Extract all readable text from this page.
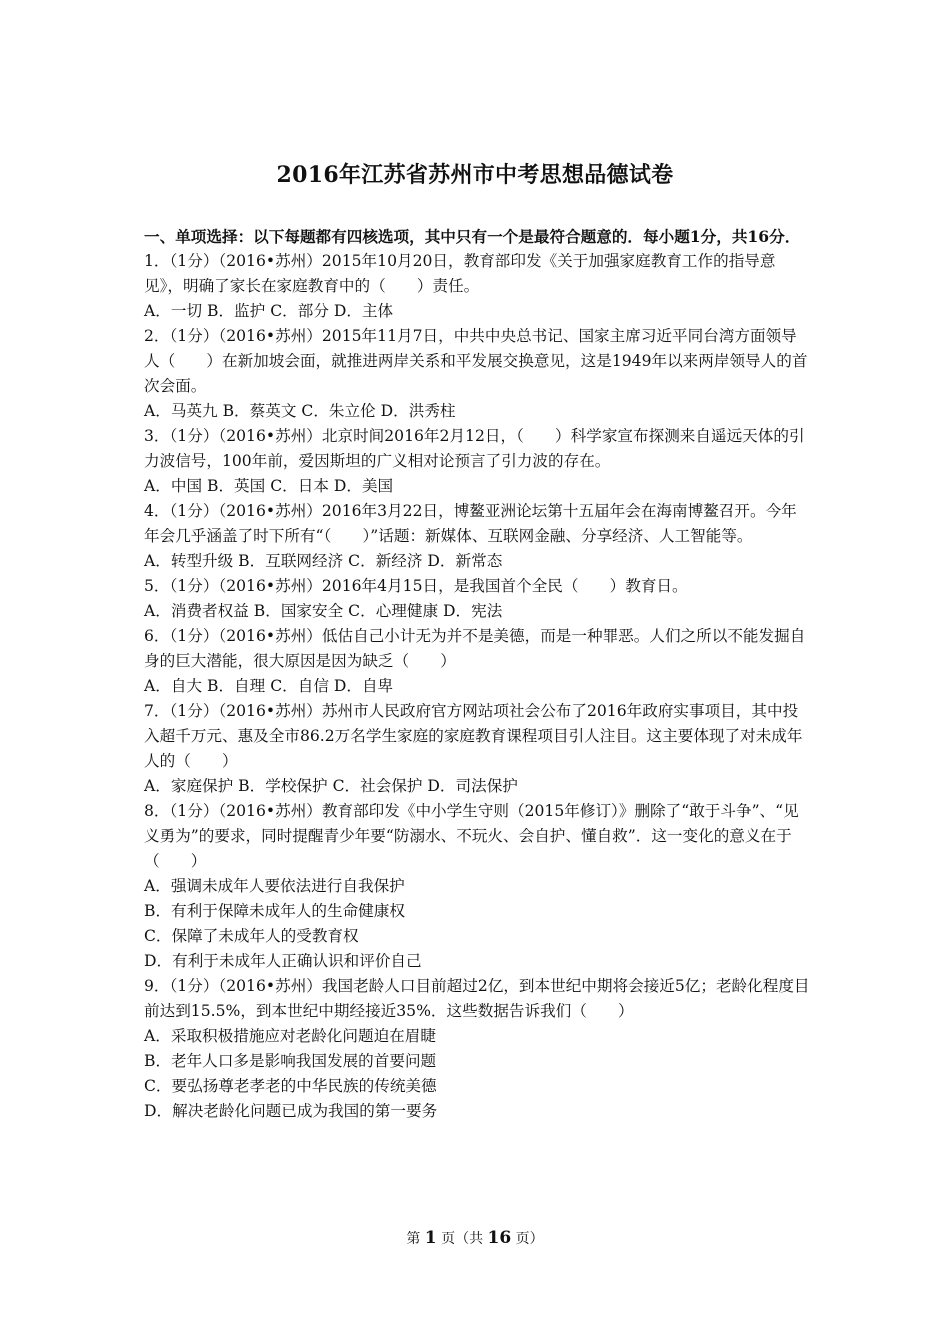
2016年江苏省苏州市中考思想品德试卷
一、单项选择：以下每题都有四核选项，其中只有一个是最符合题意的．每小题1分，共16分．
1．（1分）（2016•苏州）2015年10月20日，教育部印发《关于加强家庭教育工作的指导意见》，明确了家长在家庭教育中的（　　）责任。
A．一切 B．监护 C．部分 D．主体
2．（1分）（2016•苏州）2015年11月7日，中共中央总书记、国家主席习近平同台湾方面领导人（　　）在新加坡会面，就推进两岸关系和平发展交换意见，这是1949年以来两岸领导人的首次会面。
A．马英九 B．蔡英文 C．朱立伦 D．洪秀柱
3．（1分）（2016•苏州）北京时间2016年2月12日，（　　）科学家宣布探测来自遥远天体的引力波信号，100年前，爱因斯坦的广义相对论预言了引力波的存在。
A．中国 B．英国 C．日本 D．美国
4．（1分）（2016•苏州）2016年3月22日，博鳌亚洲论坛第十五届年会在海南博鳌召开。今年年会几乎涵盖了时下所有“（　　）”话题：新媒体、互联网金融、分享经济、人工智能等。
A．转型升级 B．互联网经济 C．新经济 D．新常态
5．（1分）（2016•苏州）2016年4月15日，是我国首个全民（　　）教育日。
A．消费者权益 B．国家安全 C．心理健康 D．宪法
6．（1分）（2016•苏州）低估自己小计无为并不是美德，而是一种罪恶。人们之所以不能发掘自身的巨大潜能，很大原因是因为缺乏（　　）
A．自大 B．自理 C．自信 D．自卑
7．（1分）（2016•苏州）苏州市人民政府官方网站项社会公布了2016年政府实事项目，其中投入超千万元、惠及全市86.2万名学生家庭的家庭教育课程项目引人注目。这主要体现了对未成年人的（　　）
A．家庭保护 B．学校保护 C．社会保护 D．司法保护
8．（1分）（2016•苏州）教育部印发《中小学生守则（2015年修订）》删除了“敢于斗争”、“见义勇为”的要求，同时提醒青少年要“防溺水、不玩火、会自护、懂自救”．这一变化的意义在于（　　）
A．强调未成年人要依法进行自我保护
B．有利于保障未成年人的生命健康权
C．保障了未成年人的受教育权
D．有利于未成年人正确认识和评价自己
9．（1分）（2016•苏州）我国老龄人口目前超过2亿，到本世纪中期将会接近5亿；老龄化程度目前达到15.5%，到本世纪中期经接近35%．这些数据告诉我们（　　）
A．采取积极措施应对老龄化问题迫在眉睫
B．老年人口多是影响我国发展的首要问题
C．要弘扬尊老孝老的中华民族的传统美德
D．解决老龄化问题已成为我国的第一要务
第 1 页（共 16 页）
